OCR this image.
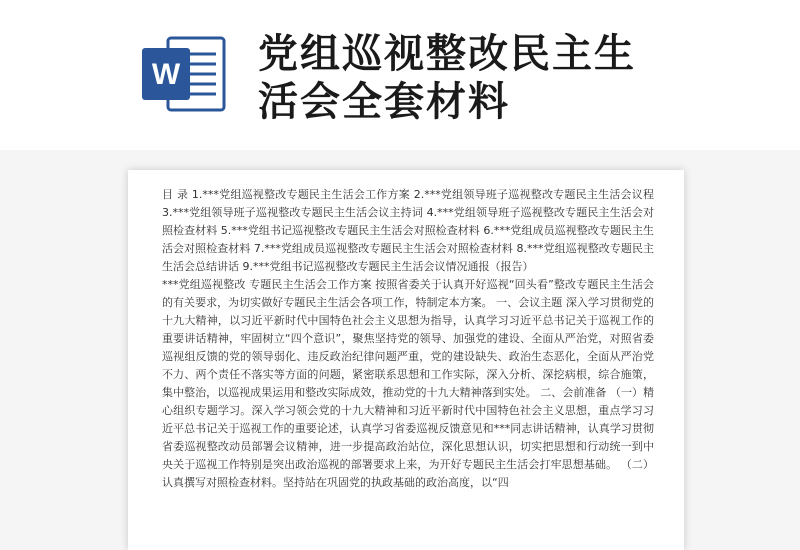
W 党组巡视整改民主生
活会全套材料

目 录 1.***党组巡视整改专题民主生活会工作方案 2.***党组领导班子巡视整改专题民主生活会议程 3.***党组领导班子巡视整改专题民主生活会议主持词 4.***党组领导班子巡视整改专题民主生活会对照检查材料 5.***党组书记巡视整改专题民主生活会对照检查材料 6.***党组成员巡视整改专题民主生活会对照检查材料 7.***党组成员巡视整改专题民主生活会对照检查材料 8.***党组巡视整改专题民主生活会总结讲话 9.***党组书记巡视整改专题民主生活会议情况通报（报告）

***党组巡视整改 专题民主生活会工作方案 按照省委关于认真开好巡视“回头看”整改专题民主生活会的有关要求，为切实做好专题民主生活会各项工作，特制定本方案。 一、会议主题 深入学习贯彻党的十九大精神，以习近平新时代中国特色社会主义思想为指导，认真学习习近平总书记关于巡视工作的重要讲话精神，牢固树立“四个意识”，聚焦坚持党的领导、加强党的建设、全面从严治党，对照省委巡视组反馈的党的领导弱化、违反政治纪律问题严重，党的建设缺失、政治生态恶化，全面从严治党不力、两个责任不落实等方面的问题，紧密联系思想和工作实际，深入分析、深挖病根，综合施策，集中整治，以巡视成果运用和整改实际成效，推动党的十九大精神落到实处。 二、会前准备 （一）精心组织专题学习。深入学习领会党的十九大精神和习近平新时代中国特色社会主义思想，重点学习习近平总书记关于巡视工作的重要论述，认真学习省委巡视反馈意见和***同志讲话精神，认真学习贯彻省委巡视整改动员部署会议精神，进一步提高政治站位，深化思想认识，切实把思想和行动统一到中央关于巡视工作特别是突出政治巡视的部署要求上来，为开好专题民主生活会打牢思想基础。 （二）认真撰写对照检查材料。坚持站在巩固党的执政基础的政治高度，以“四
